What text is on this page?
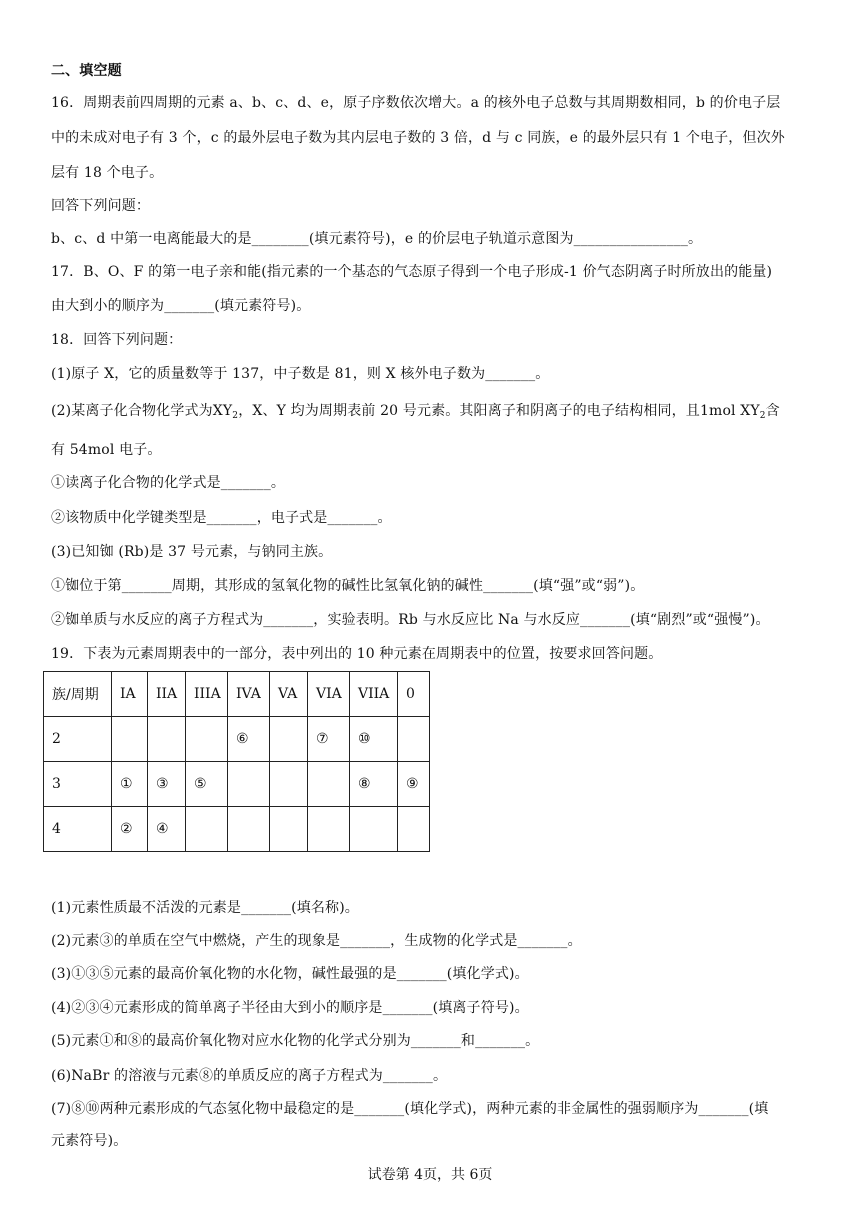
二、填空题
16．周期表前四周期的元素 a、b、c、d、e，原子序数依次增大。a 的核外电子总数与其周期数相同，b 的价电子层
中的未成对电子有 3 个，c 的最外层电子数为其内层电子数的 3 倍，d 与 c 同族，e 的最外层只有 1 个电子，但次外
层有 18 个电子。
回答下列问题：
b、c、d 中第一电离能最大的是________(填元素符号)，e 的价层电子轨道示意图为________________。
17．B、O、F 的第一电子亲和能(指元素的一个基态的气态原子得到一个电子形成-1 价气态阴离子时所放出的能量)
由大到小的顺序为_______(填元素符号)。
18．回答下列问题：
(1)原子 X，它的质量数等于 137，中子数是 81，则 X 核外电子数为_______。
(2)某离子化合物化学式为$XY_2$，X、Y 均为周期表前 20 号元素。其阳离子和阴离子的电子结构相同，且1mol $XY_2$含
有 54mol 电子。
①读离子化合物的化学式是_______。
②该物质中化学键类型是_______，电子式是_______。
(3)已知铷 (Rb)是 37 号元素，与钠同主族。
①铷位于第_______周期，其形成的氢氧化物的碱性比氢氧化钠的碱性_______(填“强”或“弱”)。
②铷单质与水反应的离子方程式为_______，实验表明。Rb 与水反应比 Na 与水反应_______(填“剧烈”或“强慢”)。
19．下表为元素周期表中的一部分，表中列出的 10 种元素在周期表中的位置，按要求回答问题。
族/周期	IA	IIA	IIIA	IVA	VA	VIA	VIIA	0
2				⑥		⑦	⑩	
3	①	③	⑤				⑧	⑨
4	②	④						
(1)元素性质最不活泼的元素是_______(填名称)。
(2)元素③的单质在空气中燃烧，产生的现象是_______，生成物的化学式是_______。
(3)①③⑤元素的最高价氧化物的水化物，碱性最强的是_______(填化学式)。
(4)②③④元素形成的简单离子半径由大到小的顺序是_______(填离子符号)。
(5)元素①和⑧的最高价氧化物对应水化物的化学式分别为_______和_______。
(6)NaBr 的溶液与元素⑧的单质反应的离子方程式为_______。
(7)⑧⑩两种元素形成的气态氢化物中最稳定的是_______(填化学式)，两种元素的非金属性的强弱顺序为_______(填
元素符号)。
试卷第 4页，共 6页
